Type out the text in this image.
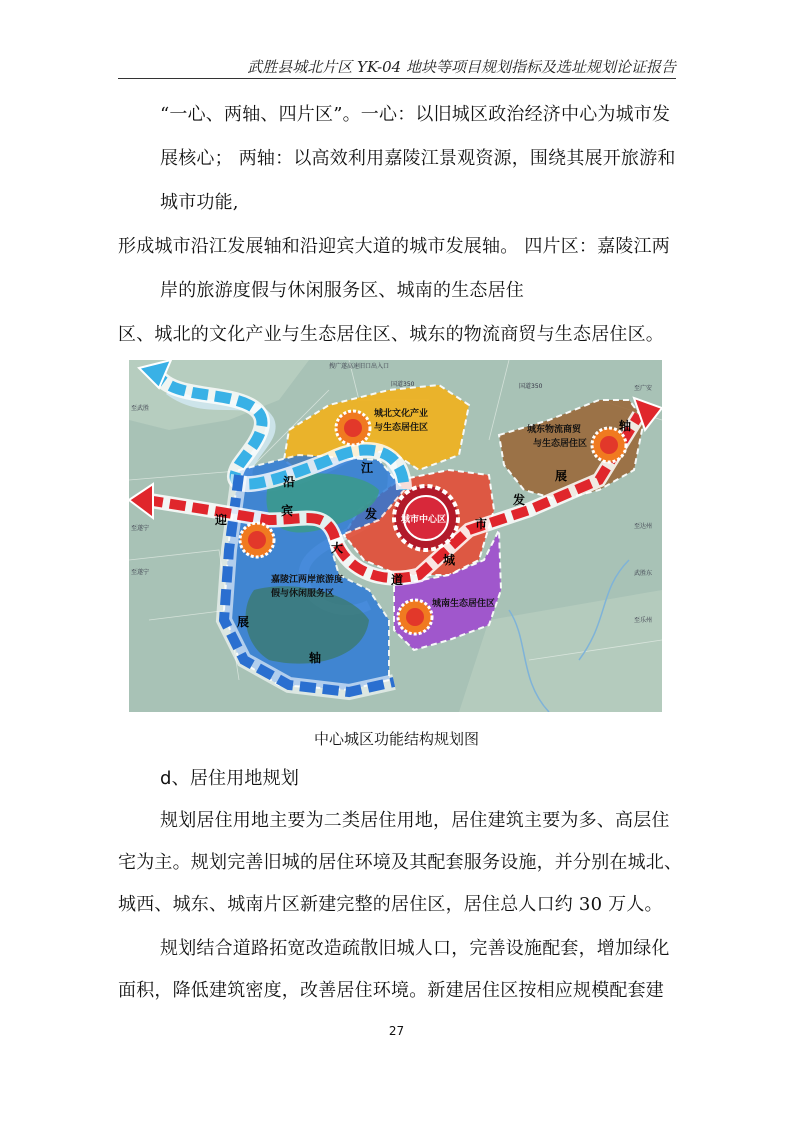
武胜县城北片区 YK-04 地块等项目规划指标及选址规划论证报告
“一心、两轴、四片区”。一心：以旧城区政治经济中心为城市发
展核心； 两轴：以高效利用嘉陵江景观资源，围绕其展开旅游和
城市功能,
形成城市沿江发展轴和沿迎宾大道的城市发展轴。 四片区：嘉陵江两
岸的旅游度假与休闲服务区、城南的生态居住
区、城北的文化产业与生态居住区、城东的物流商贸与生态居住区。
城北文化产业
与生态居住区	城东物流商贸
与生态居住区
城市中心区
嘉陵江两岸旅游度
假与休闲服务区
城南生态居住区
沿
江
发
展
轴
迎
宾
大
道
城
市
发
展
轴
搜广遂高速旧口出入口
国道350	国道350	至广安
至武胜
至达州
武胜东
至遂宁
至遂宁
至乐州
中心城区功能结构规划图
d、居住用地规划
规划居住用地主要为二类居住用地，居住建筑主要为多、高层住
宅为主。规划完善旧城的居住环境及其配套服务设施，并分别在城北、
城西、城东、城南片区新建完整的居住区，居住总人口约 30 万人。
规划结合道路拓宽改造疏散旧城人口，完善设施配套，增加绿化
面积，降低建筑密度，改善居住环境。新建居住区按相应规模配套建
27
